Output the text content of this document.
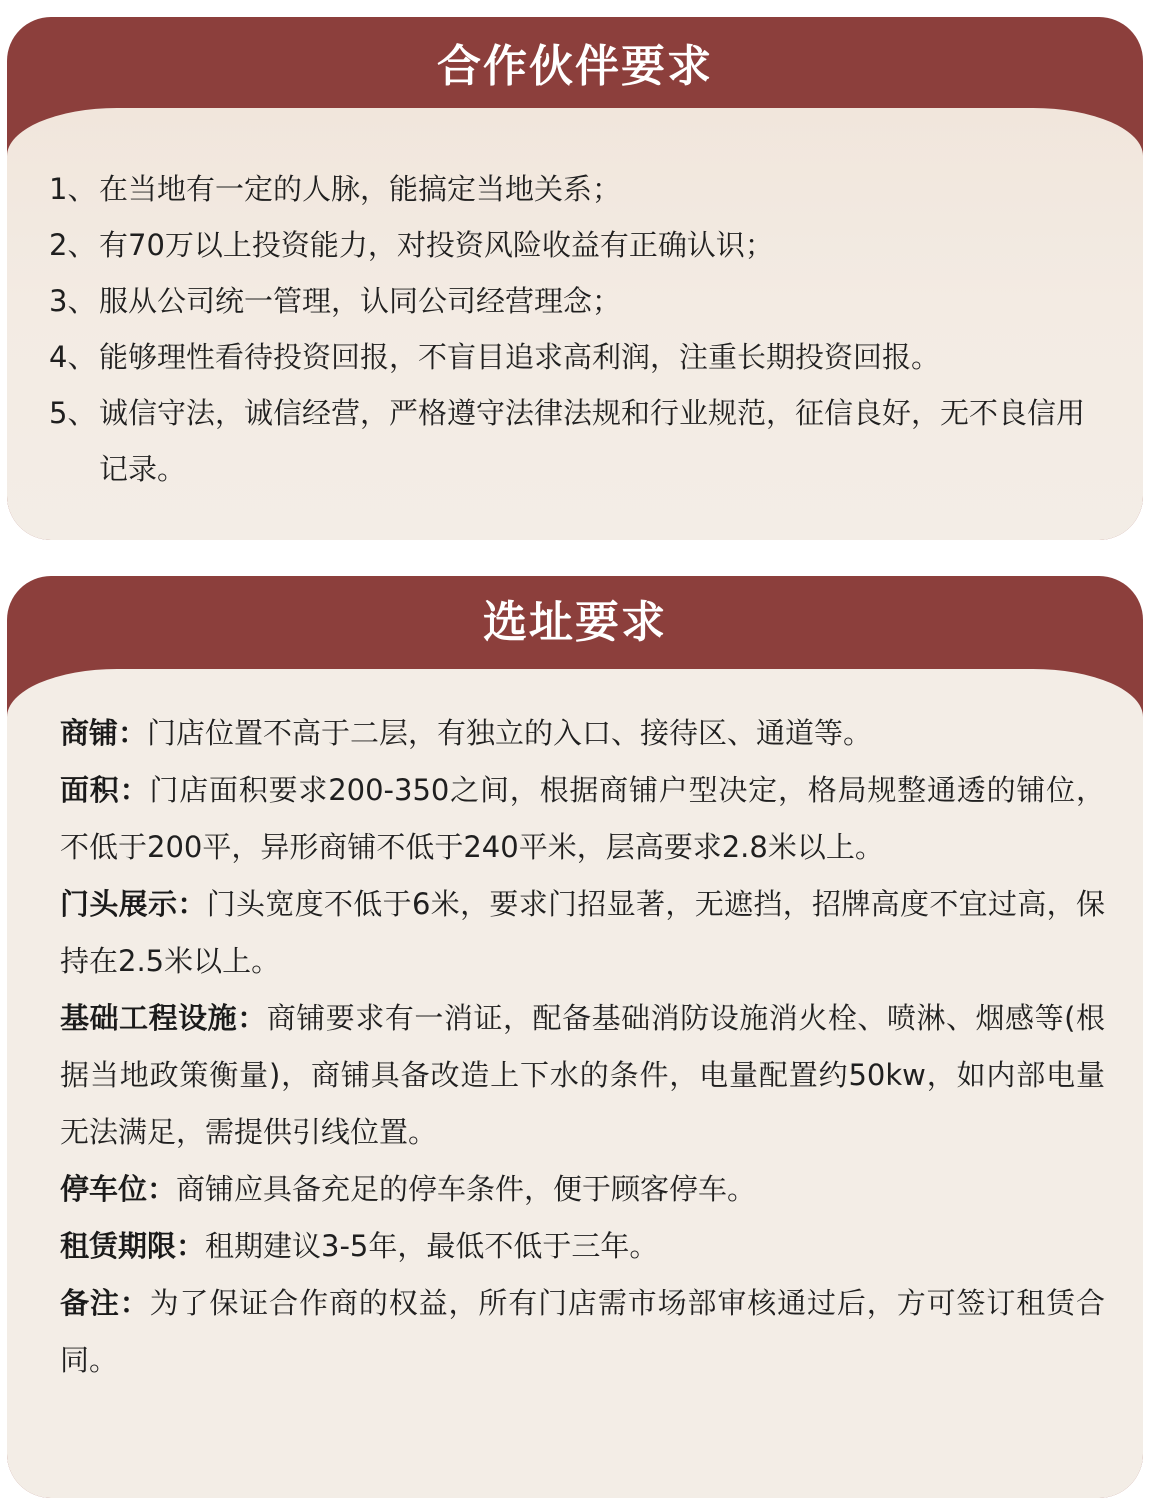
合作伙伴要求
1、 在当地有一定的人脉，能搞定当地关系；
2、 有70万以上投资能力，对投资风险收益有正确认识；
3、 服从公司统一管理，认同公司经营理念；
4、 能够理性看待投资回报，不盲目追求高利润，注重长期投资回报。
5、 诚信守法，诚信经营，严格遵守法律法规和行业规范，征信良好，无不良信用记录。
选址要求
商铺：门店位置不高于二层，有独立的入口、接待区、通道等。
面积：门店面积要求200-350之间，根据商铺户型决定，格局规整通透的铺位，不低于200平，异形商铺不低于240平米，层高要求2.8米以上。
门头展示：门头宽度不低于6米，要求门招显著，无遮挡，招牌高度不宜过高，保持在2.5米以上。
基础工程设施：商铺要求有一消证，配备基础消防设施消火栓、喷淋、烟感等(根据当地政策衡量)，商铺具备改造上下水的条件，电量配置约50kw，如内部电量无法满足，需提供引线位置。
停车位：商铺应具备充足的停车条件，便于顾客停车。
租赁期限：租期建议3-5年，最低不低于三年。
备注：为了保证合作商的权益，所有门店需市场部审核通过后，方可签订租赁合同。
